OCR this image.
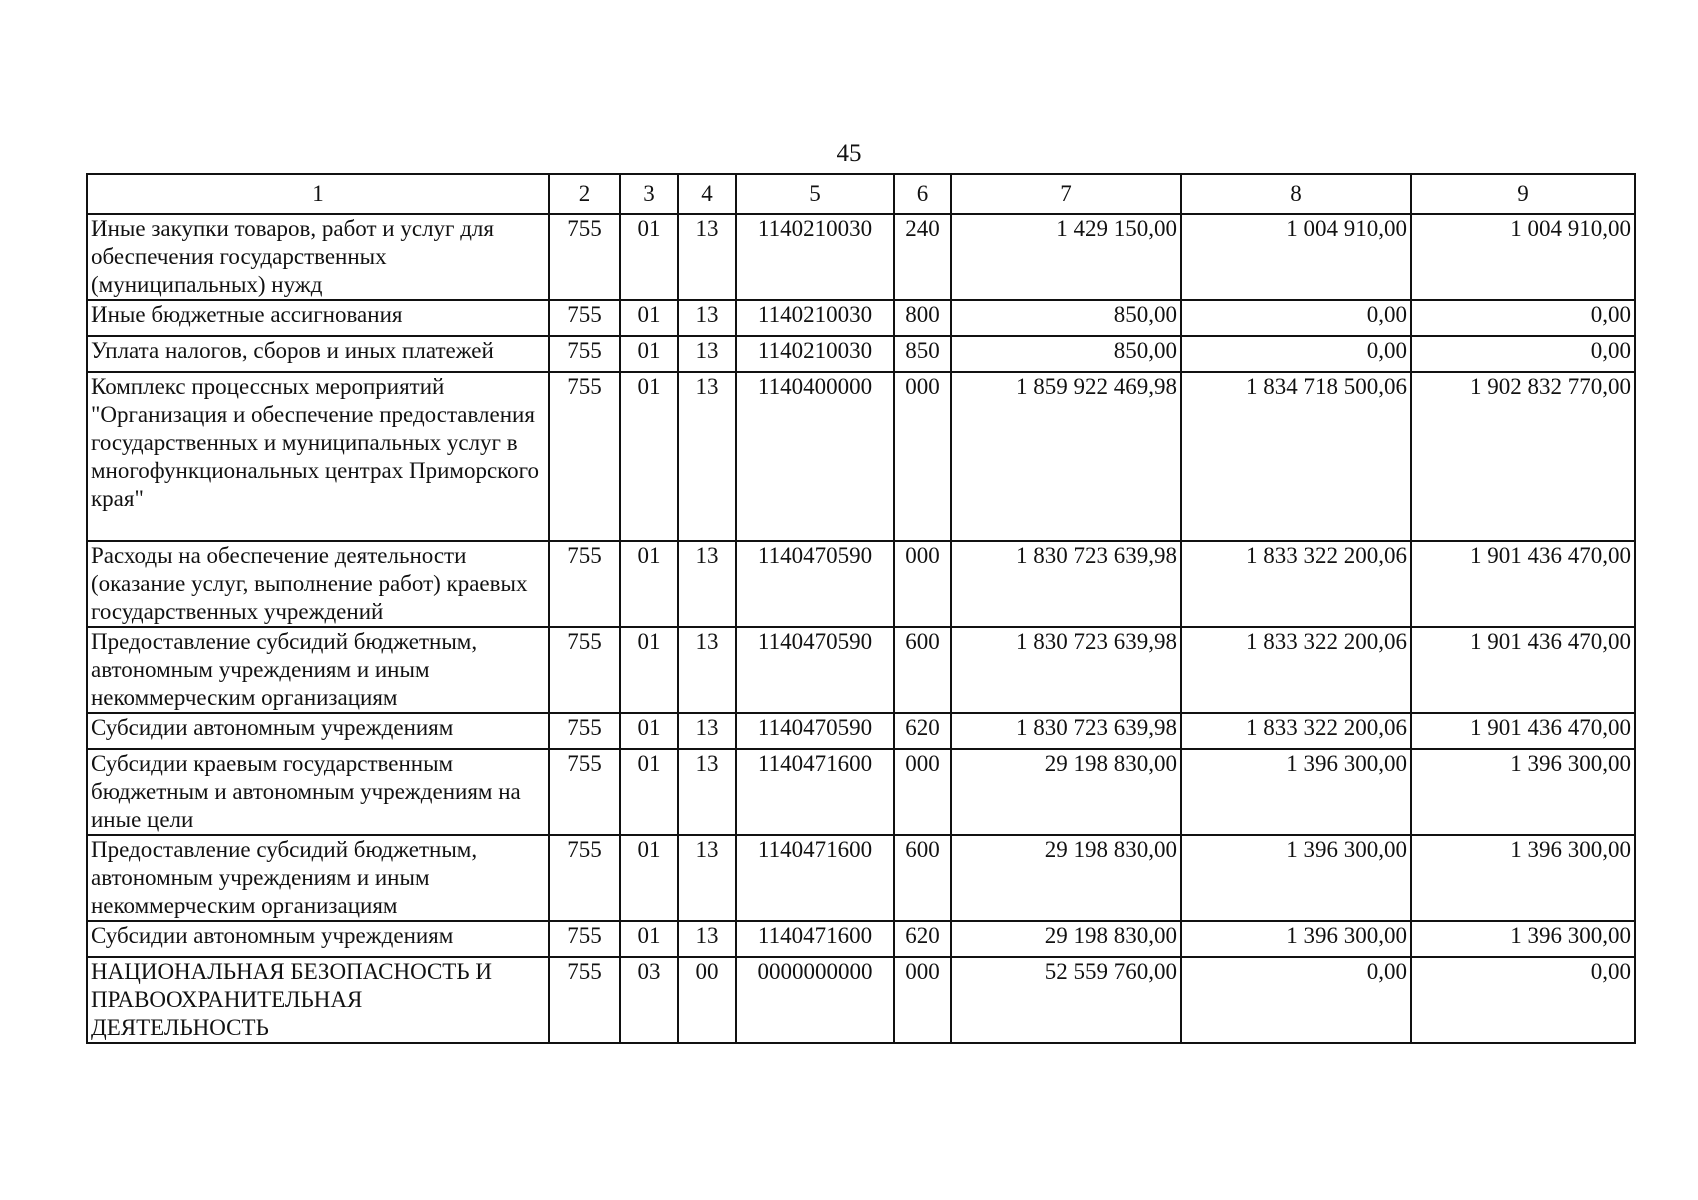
45
1	2	3	4	5	6	7	8	9
Иные закупки товаров, работ и услуг для обеспечения государственных (муниципальных) нужд	755	01	13	1140210030	240	1 429 150,00	1 004 910,00	1 004 910,00
Иные бюджетные ассигнования	755	01	13	1140210030	800	850,00	0,00	0,00
Уплата налогов, сборов и иных платежей	755	01	13	1140210030	850	850,00	0,00	0,00
Комплекс процессных мероприятий "Организация и обеспечение предоставления государственных и муниципальных услуг в многофункциональных центрах Приморского края"	755	01	13	1140400000	000	1 859 922 469,98	1 834 718 500,06	1 902 832 770,00
Расходы на обеспечение деятельности (оказание услуг, выполнение работ) краевых государственных учреждений	755	01	13	1140470590	000	1 830 723 639,98	1 833 322 200,06	1 901 436 470,00
Предоставление субсидий бюджетным, автономным учреждениям и иным некоммерческим организациям	755	01	13	1140470590	600	1 830 723 639,98	1 833 322 200,06	1 901 436 470,00
Субсидии автономным учреждениям	755	01	13	1140470590	620	1 830 723 639,98	1 833 322 200,06	1 901 436 470,00
Субсидии краевым государственным бюджетным и автономным учреждениям на иные цели	755	01	13	1140471600	000	29 198 830,00	1 396 300,00	1 396 300,00
Предоставление субсидий бюджетным, автономным учреждениям и иным некоммерческим организациям	755	01	13	1140471600	600	29 198 830,00	1 396 300,00	1 396 300,00
Субсидии автономным учреждениям	755	01	13	1140471600	620	29 198 830,00	1 396 300,00	1 396 300,00
НАЦИОНАЛЬНАЯ БЕЗОПАСНОСТЬ И ПРАВООХРАНИТЕЛЬНАЯ ДЕЯТЕЛЬНОСТЬ	755	03	00	0000000000	000	52 559 760,00	0,00	0,00
